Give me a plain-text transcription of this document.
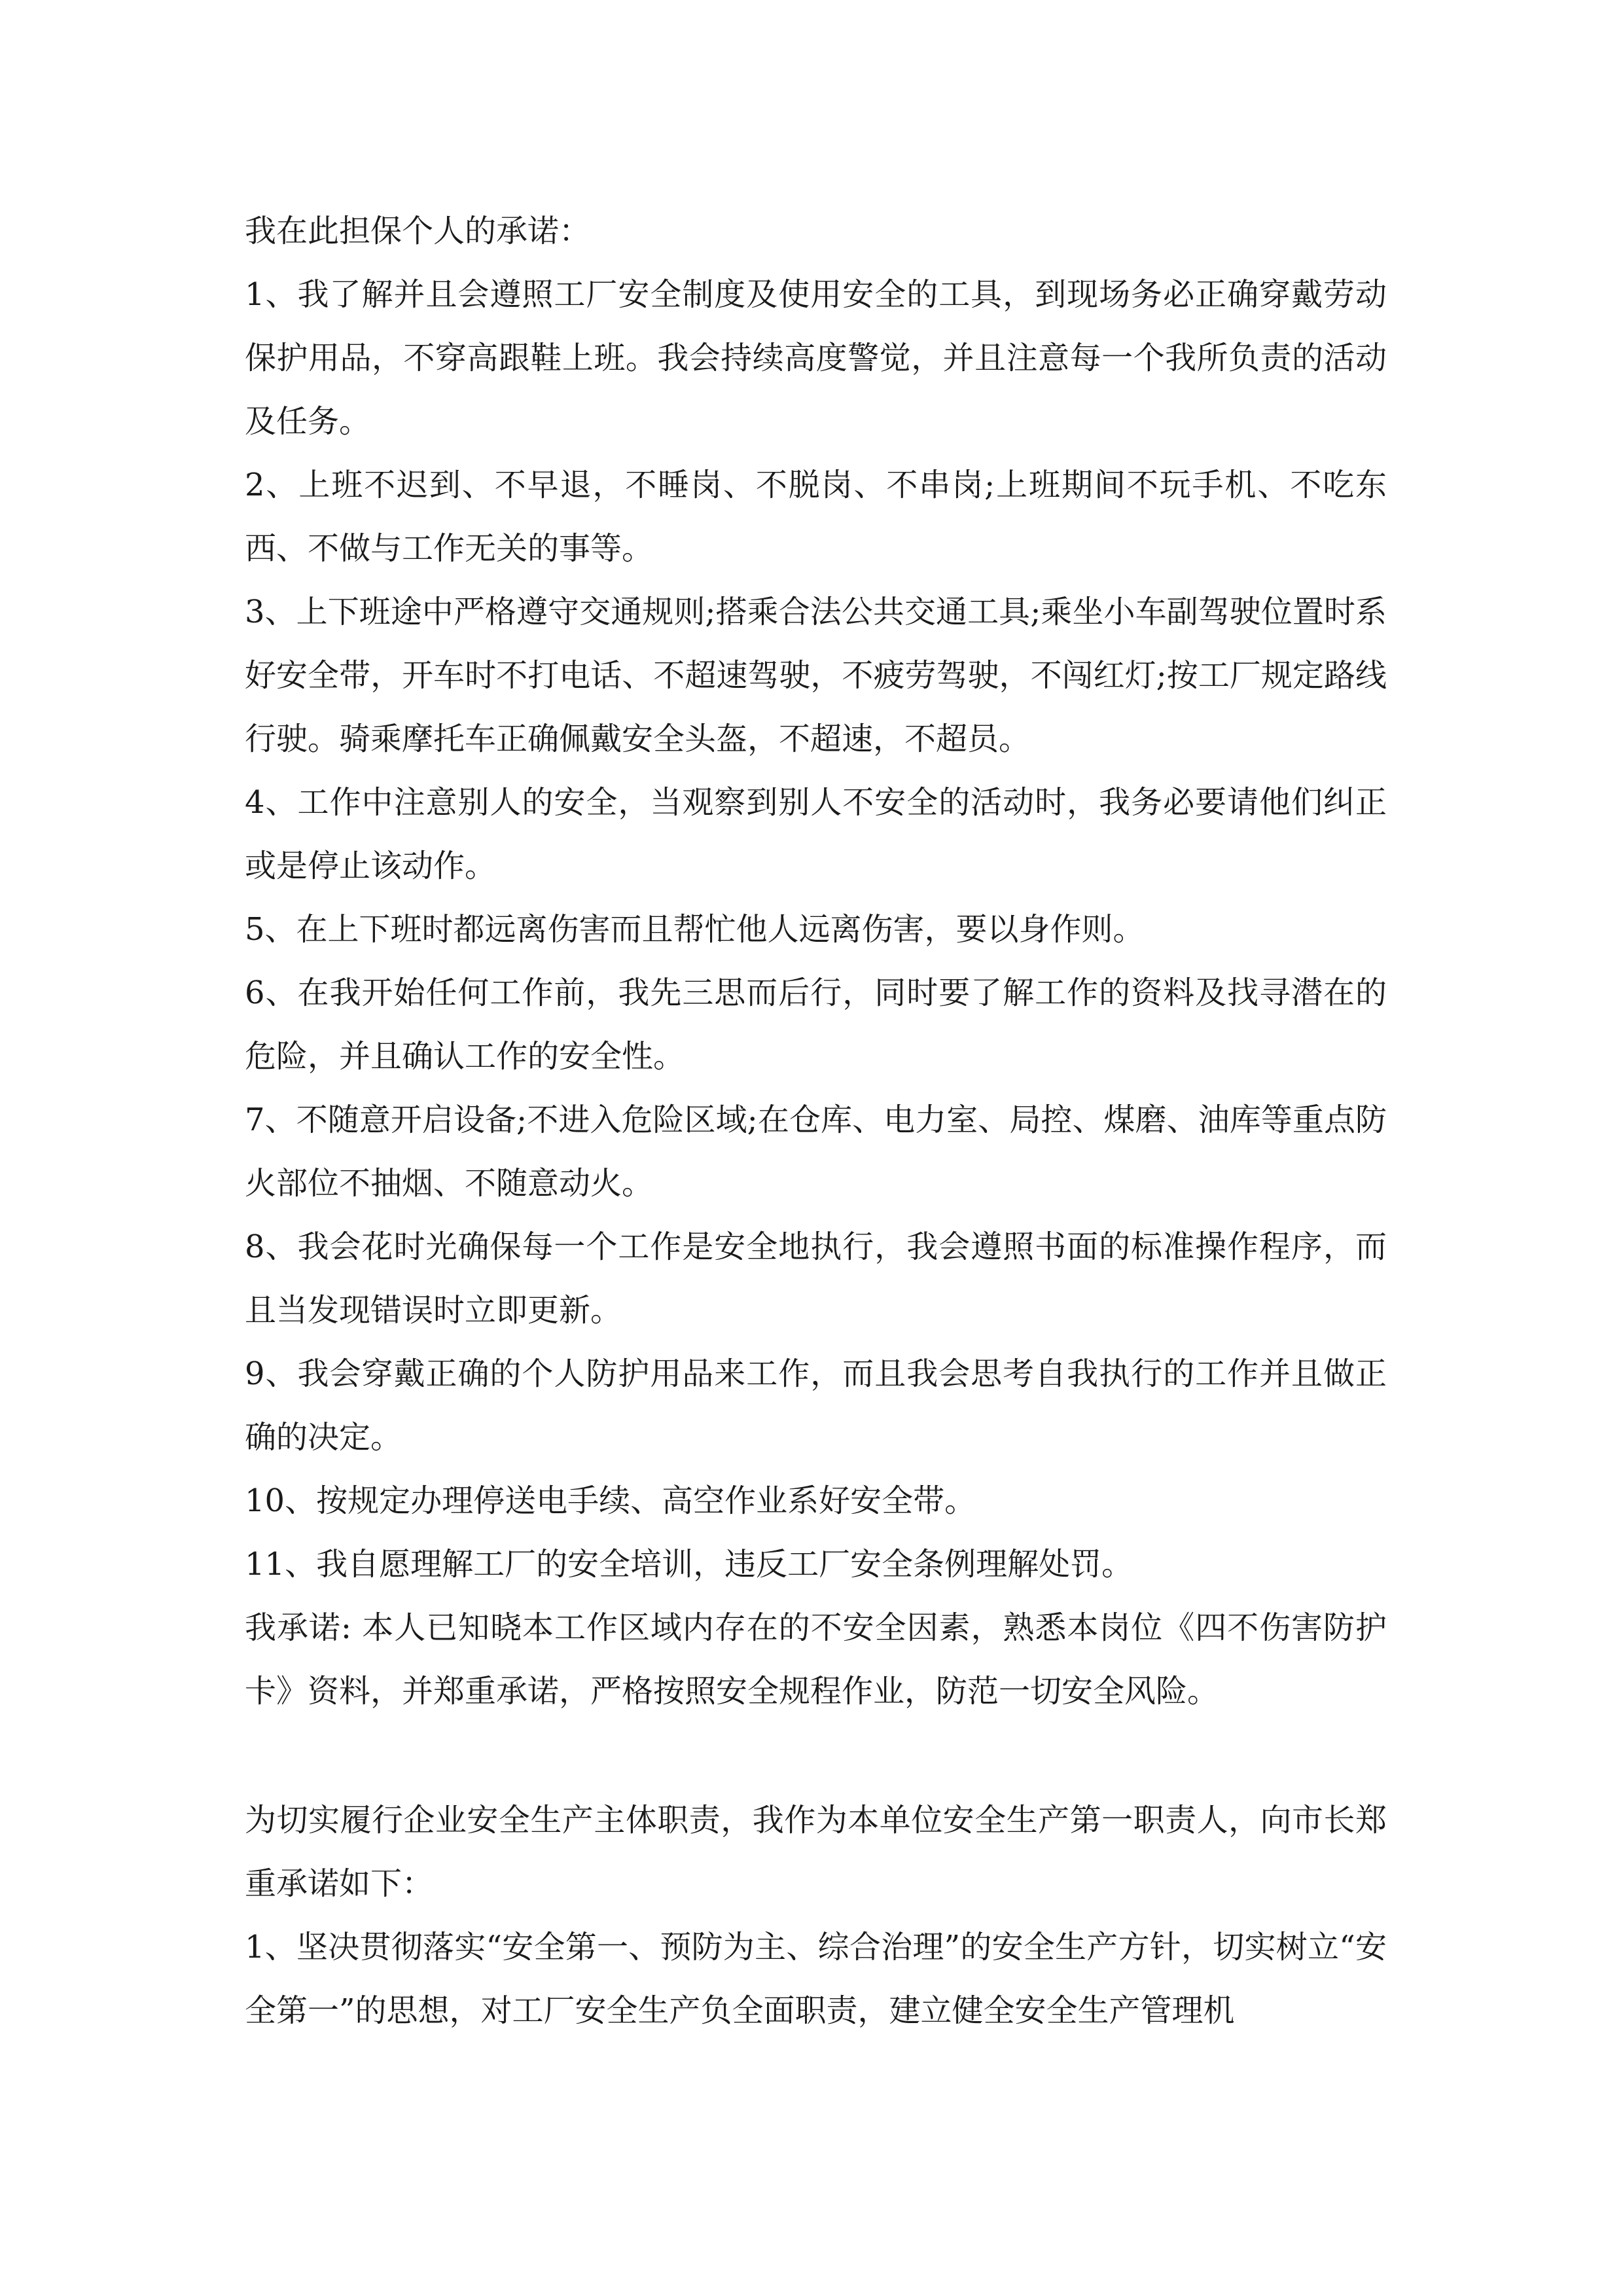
我在此担保个人的承诺：

1、我了解并且会遵照工厂安全制度及使用安全的工具，到现场务必正确穿戴劳动保护用品，不穿高跟鞋上班。我会持续高度警觉，并且注意每一个我所负责的活动及任务。

2、上班不迟到、不早退，不睡岗、不脱岗、不串岗;上班期间不玩手机、不吃东西、不做与工作无关的事等。

3、上下班途中严格遵守交通规则;搭乘合法公共交通工具;乘坐小车副驾驶位置时系好安全带，开车时不打电话、不超速驾驶，不疲劳驾驶，不闯红灯;按工厂规定路线行驶。骑乘摩托车正确佩戴安全头盔，不超速，不超员。

4、工作中注意别人的安全，当观察到别人不安全的活动时，我务必要请他们纠正或是停止该动作。

5、在上下班时都远离伤害而且帮忙他人远离伤害，要以身作则。

6、在我开始任何工作前，我先三思而后行，同时要了解工作的资料及找寻潜在的危险，并且确认工作的安全性。

7、不随意开启设备;不进入危险区域;在仓库、电力室、局控、煤磨、油库等重点防火部位不抽烟、不随意动火。

8、我会花时光确保每一个工作是安全地执行，我会遵照书面的标准操作程序，而且当发现错误时立即更新。

9、我会穿戴正确的个人防护用品来工作，而且我会思考自我执行的工作并且做正确的决定。

10、按规定办理停送电手续、高空作业系好安全带。

11、我自愿理解工厂的安全培训，违反工厂安全条例理解处罚。

我承诺: 本人已知晓本工作区域内存在的不安全因素，熟悉本岗位《四不伤害防护卡》资料，并郑重承诺，严格按照安全规程作业，防范一切安全风险。

为切实履行企业安全生产主体职责，我作为本单位安全生产第一职责人，向市长郑重承诺如下：

1、坚决贯彻落实“安全第一、预防为主、综合治理”的安全生产方针，切实树立“安全第一”的思想，对工厂安全生产负全面职责，建立健全安全生产管理机
